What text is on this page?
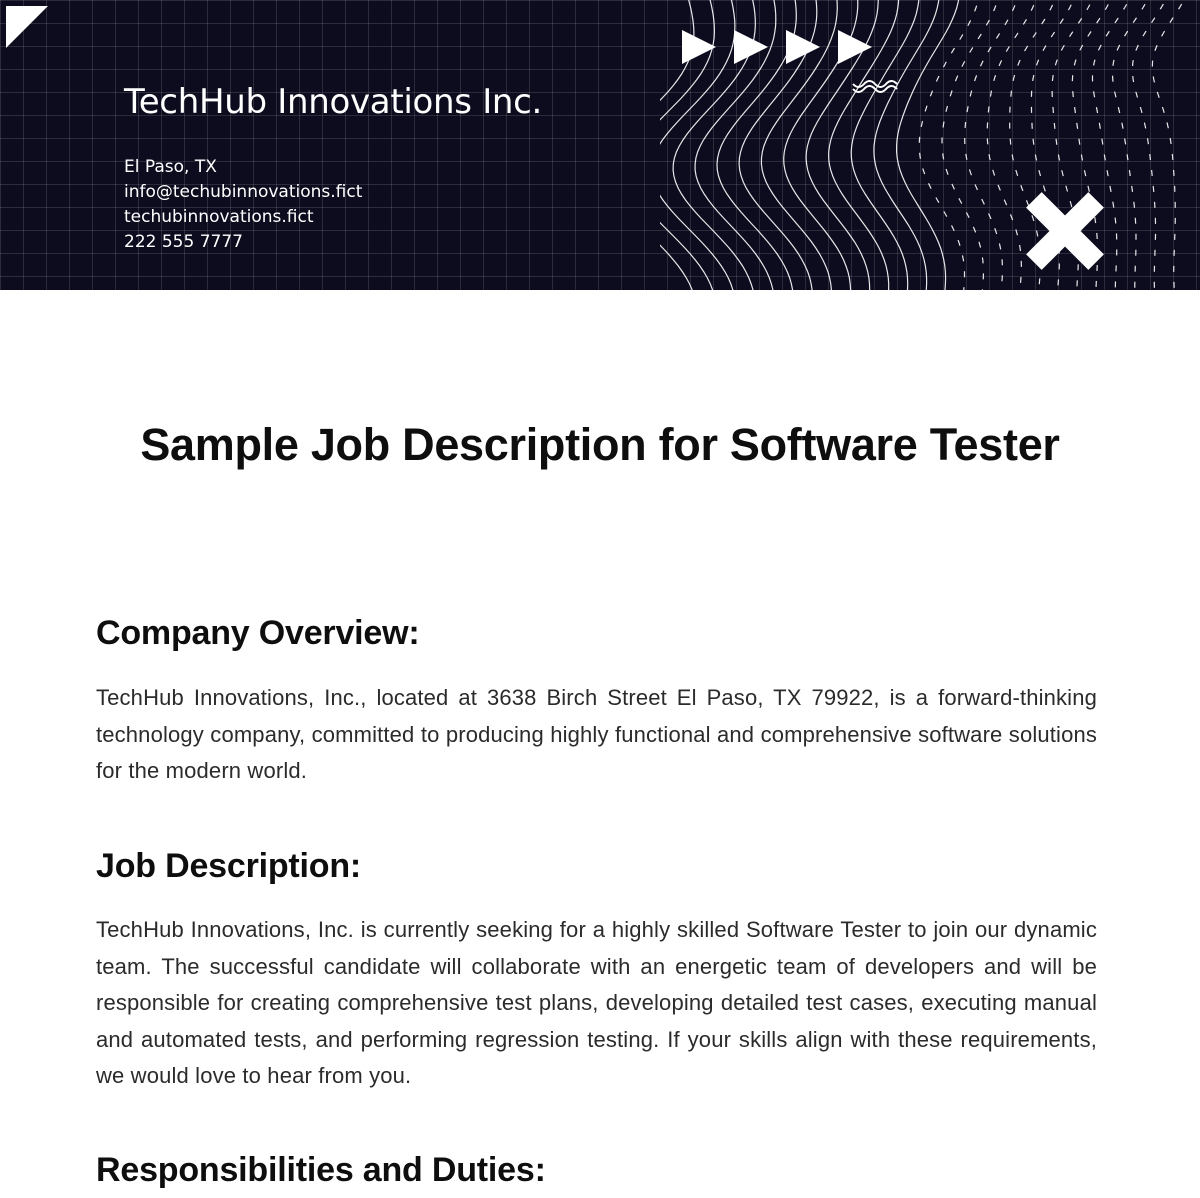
TechHub Innovations Inc.
El Paso, TX
info@techubinnovations.fict
techubinnovations.fict
222 555 7777
Sample Job Description for Software Tester
Company Overview:

TechHub Innovations, Inc., located at 3638 Birch Street El Paso, TX 79922, is a forward-thinking technology company, committed to producing highly functional and comprehensive software solutions for the modern world.

Job Description:

TechHub Innovations, Inc. is currently seeking for a highly skilled Software Tester to join our dynamic team. The successful candidate will collaborate with an energetic team of developers and will be responsible for creating comprehensive test plans, developing detailed test cases, executing manual and automated tests, and performing regression testing. If your skills align with these requirements, we would love to hear from you.

Responsibilities and Duties:
